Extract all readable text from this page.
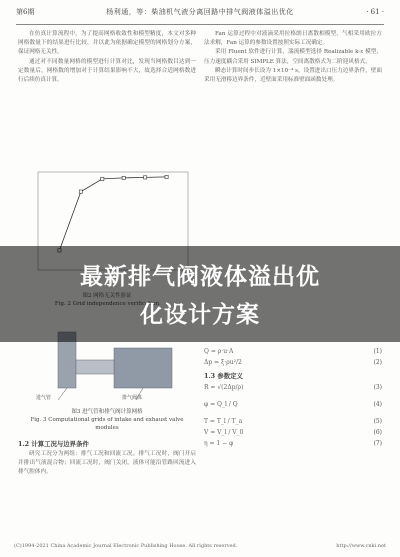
第6期	杨利通，等：柴油机气液分离回路中排气阀液体溢出优化	· 61 ·

在仿真计算流程中，为了提高网格收敛性和模型精度，本文对多种网格数量下的结果进行比较，并以此为依据确定模型的网格划分方案，保证网格无关性。

通过对不同数量网格的模型进行计算对比，发现当网格数目达到一定数量后，网格数的增加对于计算结果影响不大，故选择合适网格数进行后续仿真计算。

进气管	排气阀体
图3 进气管和排气阀计算网格
Fig. 3 Computational grids of intake and exhaust valve modules
1.2 计算工况与边界条件

研究工况分为两组：排气工况和回流工况。排气工况时，阀门开启并排出气液混合物；回流工况时，阀门关闭，液体可能沿管路回流进入排气腔体内。

Fan 运算过程中对液滴采用拉格朗日离散相模型，气相采用欧拉方法求解，Fan 运算的参数设置按照实际工况确定。

采用 Fluent 软件进行计算，湍流模型选择 Realizable k-ε 模型，压力速度耦合采用 SIMPLE 算法，空间离散格式为二阶迎风格式。

瞬态计算时间步长设为 1×10⁻⁴ s，设置进出口压力边界条件，壁面采用无滑移边界条件，近壁面采用标准壁面函数处理。

Q = ρ·u·A	(1)
Δp = ξ·ρu²/2	(2)
1.3 参数定义
R = √(2Δp/ρ)	(3)
φ = Q_l / Q	(4)
T = T_l / T_a	(5)
V = V_l / V_0	(6)
η = 1 − φ	(7)
最新排气阀液体溢出优
化设计方案
(C)1994-2021 China Academic Journal Electronic Publishing House. All rights reserved.	http://www.cnki.net
